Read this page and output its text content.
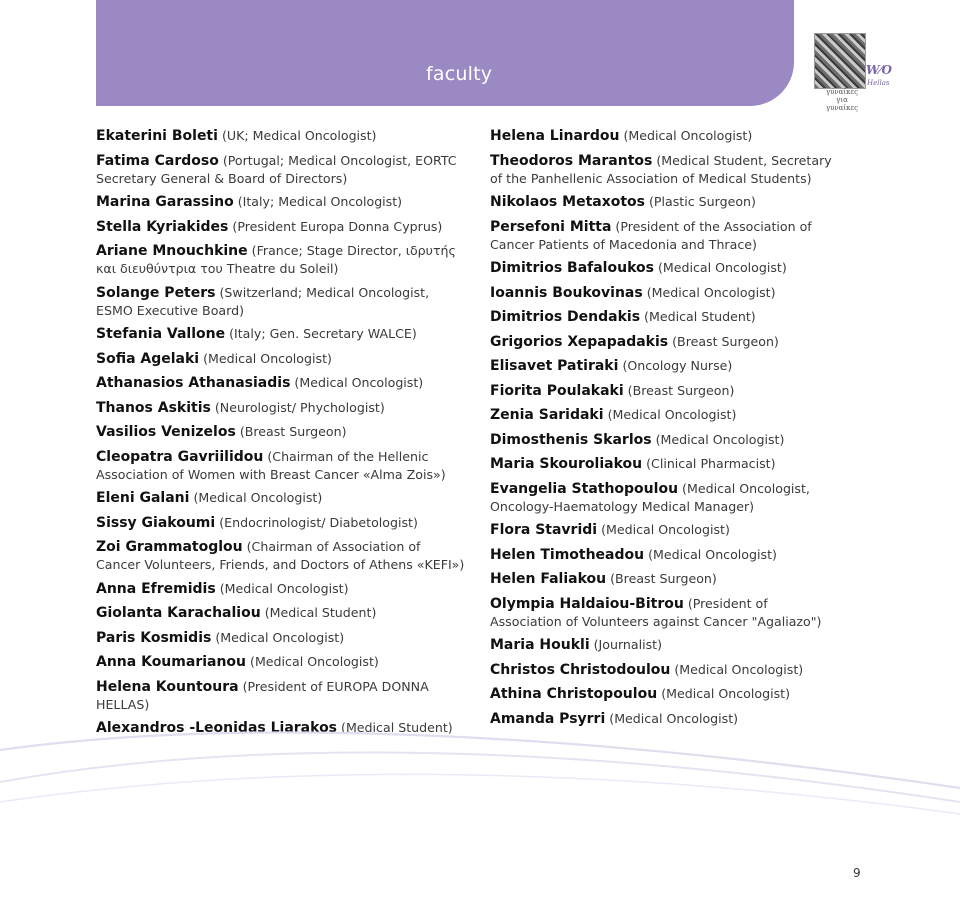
faculty	W⁄O
Hellas
γυναίκες για γυναίκες

Ekaterini Boleti (UK; Medical Oncologist)

Fatima Cardoso (Portugal; Medical Oncologist, EORTC Secretary General & Board of Directors)

Marina Garassino (Italy; Medical Oncologist)

Stella Kyriakides (President Europa Donna Cyprus)

Ariane Mnouchkine (France; Stage Director, ιδρυτής και διευθύντρια του Theatre du Soleil)

Solange Peters (Switzerland; Medical Oncologist, ESMO Executive Board)

Stefania Vallone (Italy; Gen. Secretary WALCE)

Sofia Agelaki (Medical Oncologist)

Athanasios Athanasiadis (Medical Oncologist)

Thanos Askitis (Neurologist/ Phychologist)

Vasilios Venizelos (Breast Surgeon)

Cleopatra Gavriilidou (Chairman of the Hellenic Association of Women with Breast Cancer «Alma Zois»)

Eleni Galani (Medical Oncologist)

Sissy Giakoumi (Endocrinologist/ Diabetologist)

Zoi Grammatoglou (Chairman of Association of Cancer Volunteers, Friends, and Doctors of Athens «KEFI»)

Anna Efremidis (Medical Oncologist)

Giolanta Karachaliou (Medical Student)

Paris Kosmidis (Medical Oncologist)

Anna Koumarianou (Medical Oncologist)

Helena Kountoura (President of EUROPA DONNA HELLAS)

Alexandros -Leonidas Liarakos (Medical Student)

Helena Linardou (Medical Oncologist)

Theodoros Marantos (Medical Student, Secretary of the Panhellenic Association of Medical Students)

Nikolaos Metaxotos (Plastic Surgeon)

Persefoni Mitta (President of the Association of Cancer Patients of Macedonia and Thrace)

Dimitrios Bafaloukos (Medical Oncologist)

Ioannis Boukovinas (Medical Oncologist)

Dimitrios Dendakis (Medical Student)

Grigorios Xepapadakis (Breast Surgeon)

Elisavet Patiraki (Oncology Nurse)

Fiorita Poulakaki (Breast Surgeon)

Zenia Saridaki (Medical Oncologist)

Dimosthenis Skarlos (Medical Oncologist)

Maria Skouroliakou (Clinical Pharmacist)

Evangelia Stathopoulou (Medical Oncologist, Oncology-Haematology Medical Manager)

Flora Stavridi (Medical Oncologist)

Helen Timotheadou (Medical Oncologist)

Helen Faliakou (Breast Surgeon)

Olympia Haldaiou-Bitrou (President of Association of Volunteers against Cancer "Agaliazo")

Maria Houkli (Journalist)

Christos Christodoulou (Medical Oncologist)

Athina Christopoulou (Medical Oncologist)

Amanda Psyrri (Medical Oncologist)

9
